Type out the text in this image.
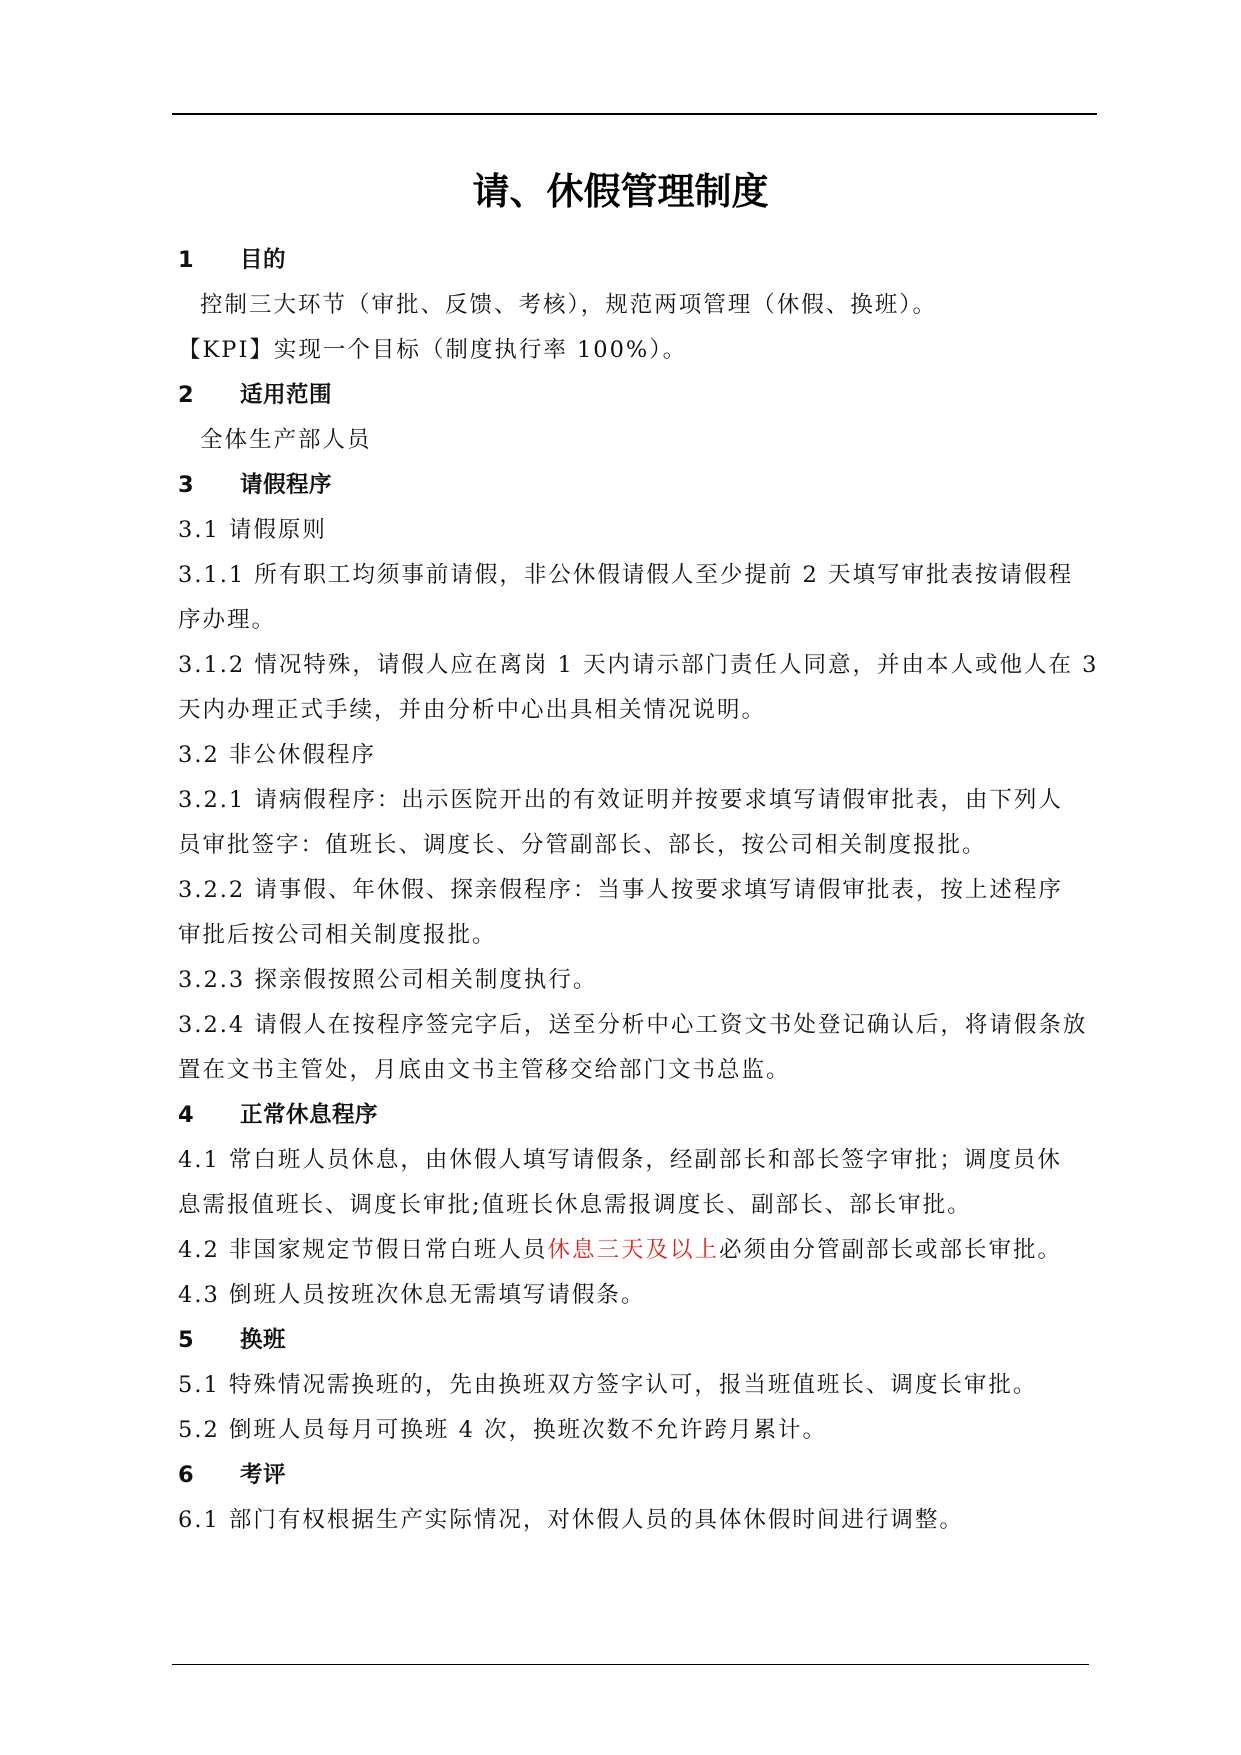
请、休假管理制度
1 目的
控制三大环节（审批、反馈、考核），规范两项管理（休假、换班）。
【KPI】实现一个目标（制度执行率 100%）。
2 适用范围
全体生产部人员
3 请假程序
3.1 请假原则
3.1.1 所有职工均须事前请假，非公休假请假人至少提前 2 天填写审批表按请假程
序办理。
3.1.2 情况特殊，请假人应在离岗 1 天内请示部门责任人同意，并由本人或他人在 3
天内办理正式手续，并由分析中心出具相关情况说明。
3.2 非公休假程序
3.2.1 请病假程序：出示医院开出的有效证明并按要求填写请假审批表，由下列人
员审批签字：值班长、调度长、分管副部长、部长，按公司相关制度报批。
3.2.2 请事假、年休假、探亲假程序：当事人按要求填写请假审批表，按上述程序
审批后按公司相关制度报批。
3.2.3 探亲假按照公司相关制度执行。
3.2.4 请假人在按程序签完字后，送至分析中心工资文书处登记确认后，将请假条放
置在文书主管处，月底由文书主管移交给部门文书总监。
4 正常休息程序
4.1 常白班人员休息，由休假人填写请假条，经副部长和部长签字审批；调度员休
息需报值班长、调度长审批;值班长休息需报调度长、副部长、部长审批。
4.2 非国家规定节假日常白班人员休息三天及以上必须由分管副部长或部长审批。
4.3 倒班人员按班次休息无需填写请假条。
5 换班
5.1 特殊情况需换班的，先由换班双方签字认可，报当班值班长、调度长审批。
5.2 倒班人员每月可换班 4 次，换班次数不允许跨月累计。
6 考评
6.1 部门有权根据生产实际情况，对休假人员的具体休假时间进行调整。
